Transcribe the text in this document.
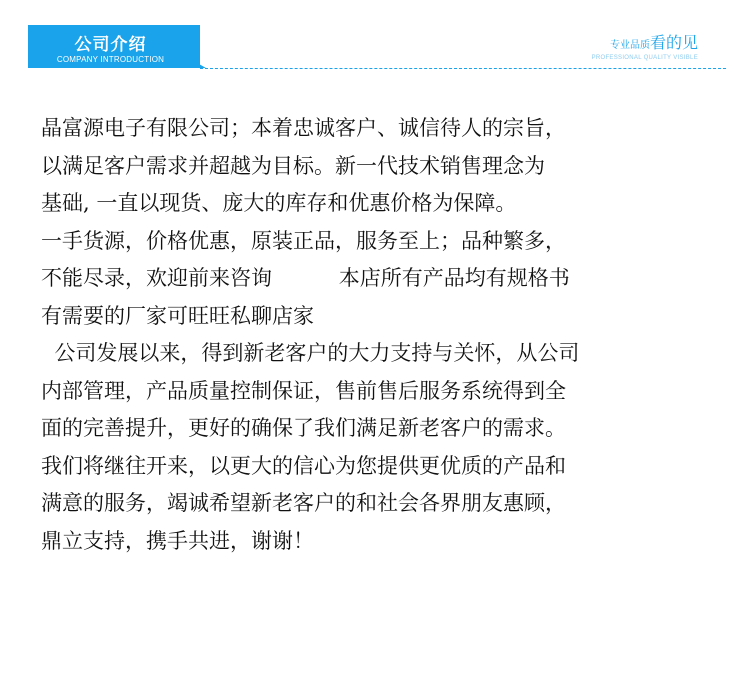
公司介绍
COMPANY INTRODUCTION
专业品质看的见
PROFESSIONAL QUALITY VISIBLE
晶富源电子有限公司；本着忠诚客户、诚信待人的宗旨，
以满足客户需求并超越为目标。新一代技术销售理念为
基础, 一直以现货、庞大的库存和优惠价格为保障。
一手货源，价格优惠，原装正品，服务至上；品种繁多，
不能尽录，欢迎前来咨询          本店所有产品均有规格书
有需要的厂家可旺旺私聊店家
公司发展以来，得到新老客户的大力支持与关怀，从公司
内部管理，产品质量控制保证，售前售后服务系统得到全
面的完善提升，更好的确保了我们满足新老客户的需求。
我们将继往开来，以更大的信心为您提供更优质的产品和
满意的服务，竭诚希望新老客户的和社会各界朋友惠顾，
鼎立支持，携手共进，谢谢！
